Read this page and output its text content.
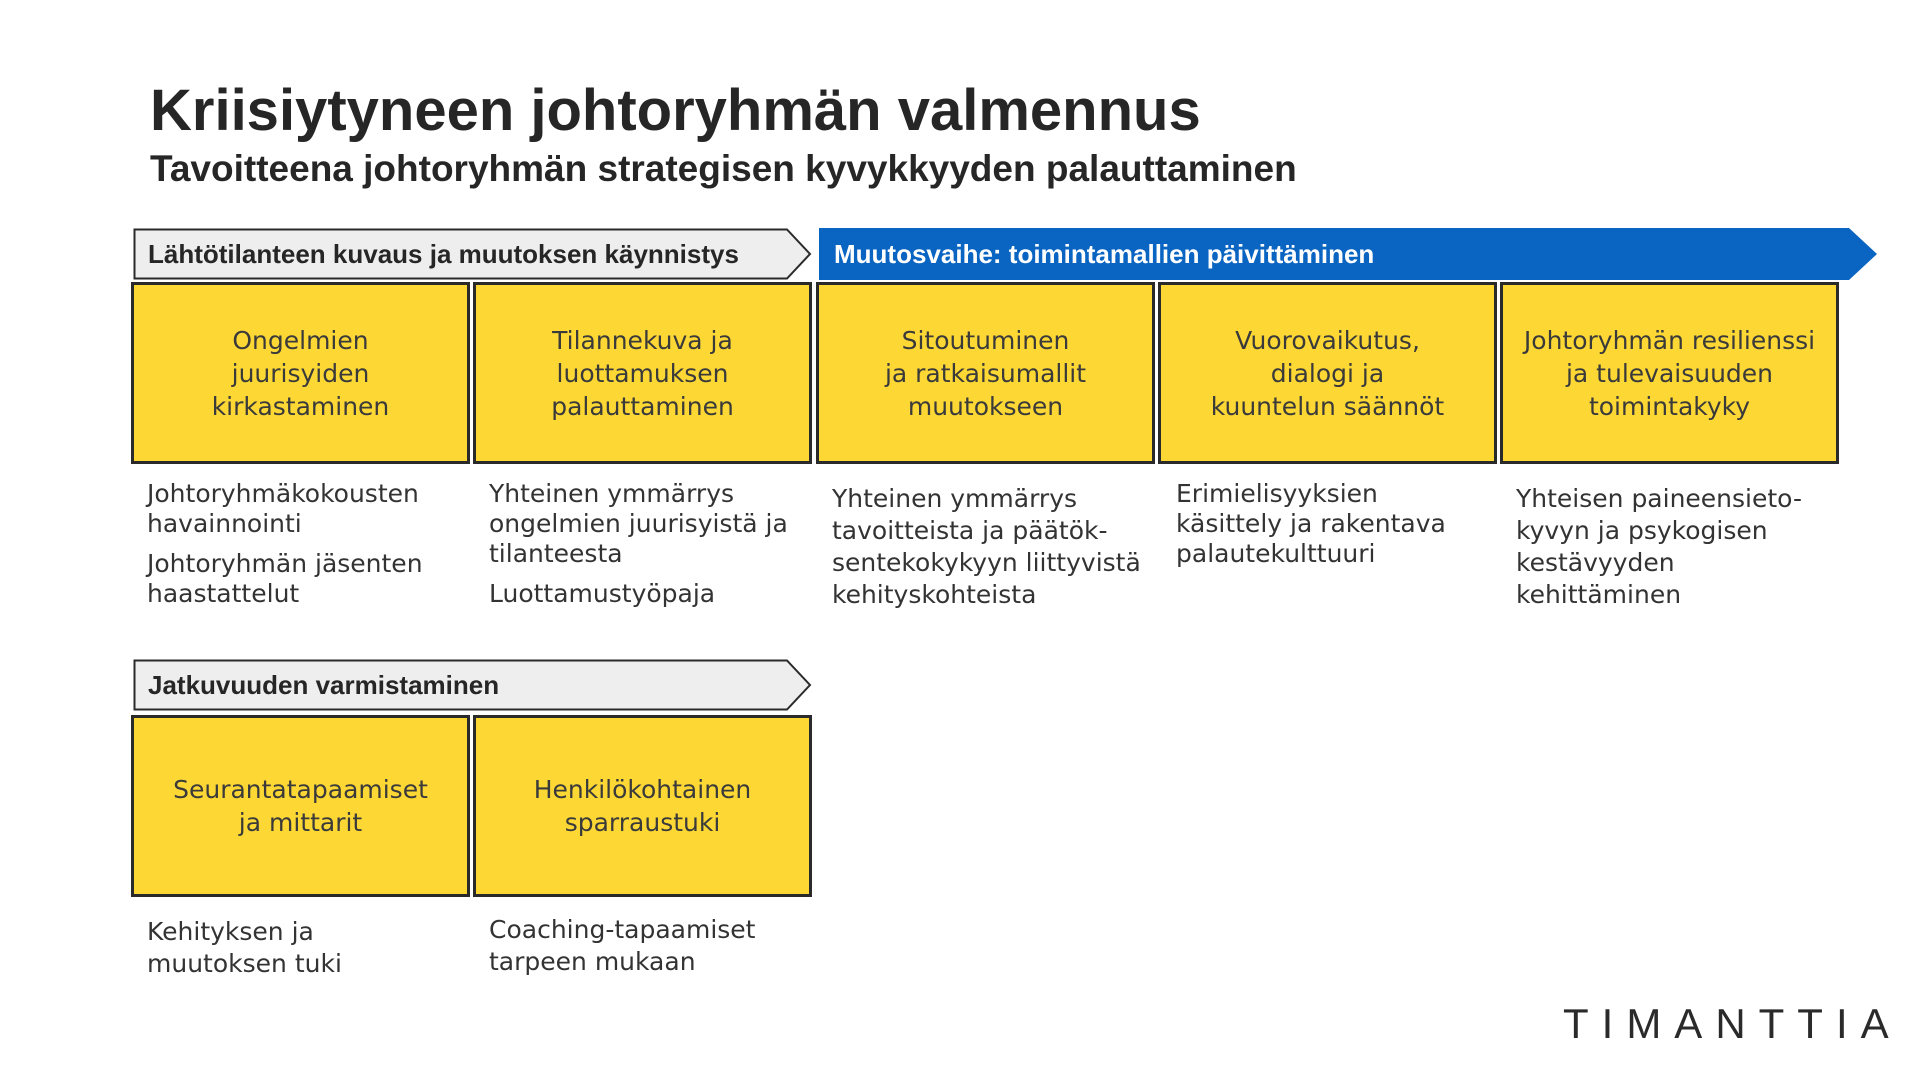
Kriisiytyneen johtoryhmän valmennus
Tavoitteena johtoryhmän strategisen kyvykkyyden palauttaminen
Lähtötilanteen kuvaus ja muutoksen käynnistys	Muutosvaihe: toimintamallien päivittäminen
Jatkuvuuden varmistaminen
Ongelmien
juurisyiden
kirkastaminen
Tilannekuva ja
luottamuksen
palauttaminen
Sitoutuminen
ja ratkaisumallit
muutokseen
Vuorovaikutus,
dialogi ja
kuuntelun säännöt
Johtoryhmän resilienssi
ja tulevaisuuden
toimintakyky

Johtoryhmäkokousten
havainnointi

Johtoryhmän jäsenten
haastattelut

Yhteinen ymmärrys
ongelmien juurisyistä ja
tilanteesta

Luottamustyöpaja

Yhteinen ymmärrys
tavoitteista ja päätök-
sentekokykyyn liittyvistä
kehityskohteista

Erimielisyyksien
käsittely ja rakentava
palautekulttuuri

Yhteisen paineensieto-
kyvyn ja psykogisen
kestävyyden
kehittäminen

Seurantatapaamiset
ja mittarit
Henkilökohtainen
sparraustuki

Kehityksen ja
muutoksen tuki

Coaching-tapaamiset
tarpeen mukaan

TIMANTTIA
